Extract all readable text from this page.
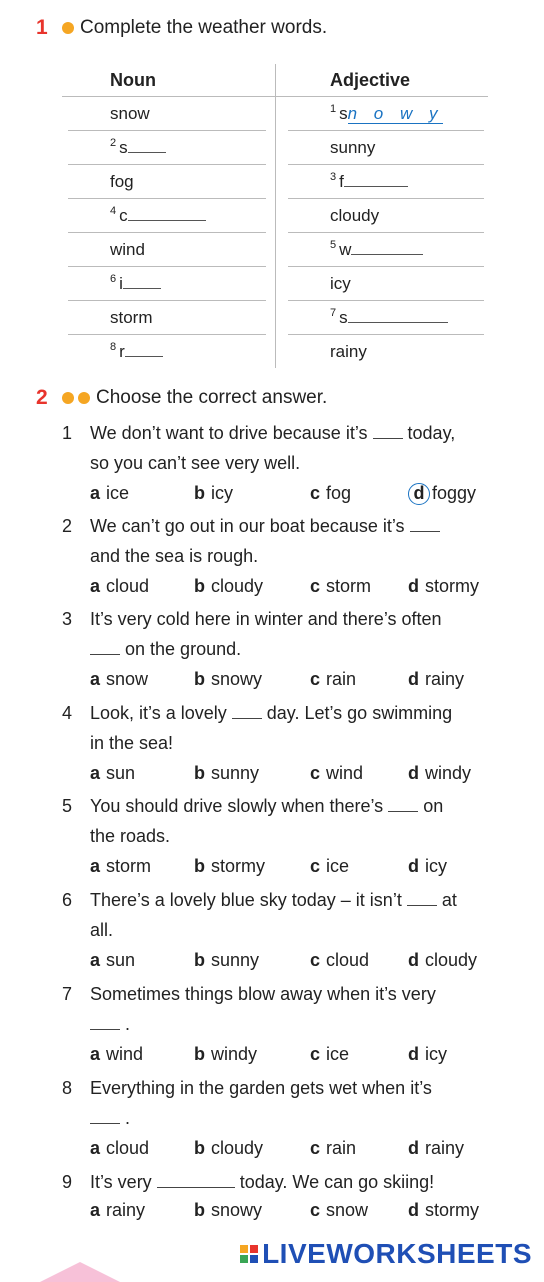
1	Complete the weather words.
Noun	Adjective
snow	$^1$ sn o w y
$^2$ s	sunny
fog	$^3$ f
$^4$ c	cloudy
wind	$^5$ w
$^6$ i	icy
storm	$^7$ s
$^8$ r	rainy
2	Choose the correct answer.
1 We don’t want to drive because it’s today,
so you can’t see very well.
a ice	b icy	c fog	d foggy
2 We can’t go out in our boat because it’s
and the sea is rough.
a cloud b cloudy	c storm d stormy
3 It’s very cold here in winter and there’s often
on the ground.
a snow	b snowy	c rain	d rainy
4 Look, it’s a lovely day. Let’s go swimming
in the sea!
a sun	b sunny	c wind d windy
5 You should drive slowly when there’s on
the roads.
a storm b stormy	c ice	d icy
6 There’s a lovely blue sky today – it isn’t at
all.
a sun	b sunny	c cloud d cloudy
7 Sometimes things blow away when it’s very
.
a wind	b windy	c ice	d icy
8 Everything in the garden gets wet when it’s
.
a cloud b cloudy	c rain	d rainy
9 It’s very	today. We can go skiing!
a rainy	b snowy	c snow d stormy
LIVEWORKSHEETS
